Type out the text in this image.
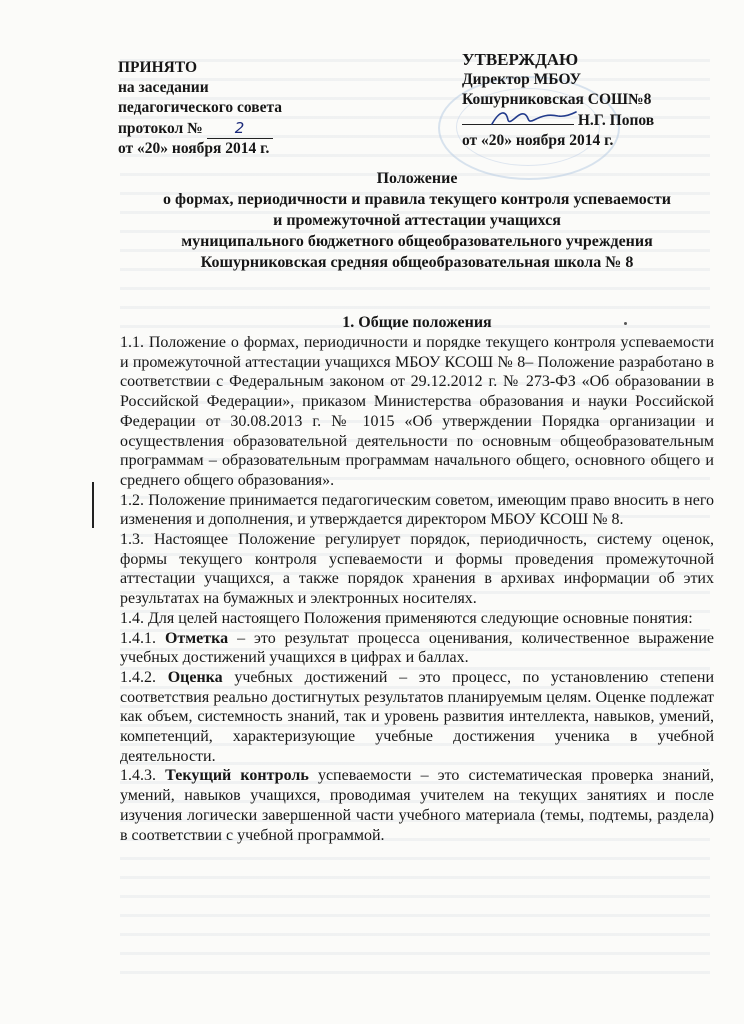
ПРИНЯТО
на заседании
педагогического совета
протокол № 2
от «20» ноября 2014 г.
УТВЕРЖДАЮ
Директор МБОУ
Кошурниковская СОШ№8
Н.Г. Попов
от «20» ноября 2014 г.
Положение
о формах, периодичности и правила текущего контроля успеваемости
и промежуточной аттестации учащихся
муниципального бюджетного общеобразовательного учреждения
Кошурниковская средняя общеобразовательная школа № 8
1. Общие положения

1.1. Положение о формах, периодичности и порядке текущего контроля успеваемости и промежуточной аттестации учащихся МБОУ КСОШ № 8– Положение разработано в соответствии с Федеральным законом от 29.12.2012 г. № 273-ФЗ «Об образовании в Российской Федерации», приказом Министерства образования и науки Российской Федерации от 30.08.2013 г. № 1015 «Об утверждении Порядка организации и осуществления образовательной деятельности по основным общеобразовательным программам – образовательным программам начального общего, основного общего и среднего общего образования».

1.2. Положение принимается педагогическим советом, имеющим право вносить в него изменения и дополнения, и утверждается директором МБОУ КСОШ № 8.

1.3. Настоящее Положение регулирует порядок, периодичность, систему оценок, формы текущего контроля успеваемости и формы проведения промежуточной аттестации учащихся, а также порядок хранения в архивах информации об этих результатах на бумажных и электронных носителях.

1.4. Для целей настоящего Положения применяются следующие основные понятия:

1.4.1. Отметка – это результат процесса оценивания, количественное выражение учебных достижений учащихся в цифрах и баллах.

1.4.2. Оценка учебных достижений – это процесс, по установлению степени соответствия реально достигнутых результатов планируемым целям. Оценке подлежат как объем, системность знаний, так и уровень развития интеллекта, навыков, умений, компетенций, характеризующие учебные достижения ученика в учебной деятельности.

1.4.3. Текущий контроль успеваемости – это систематическая проверка знаний, умений, навыков учащихся, проводимая учителем на текущих занятиях и после изучения логически завершенной части учебного материала (темы, подтемы, раздела) в соответствии с учебной программой.
